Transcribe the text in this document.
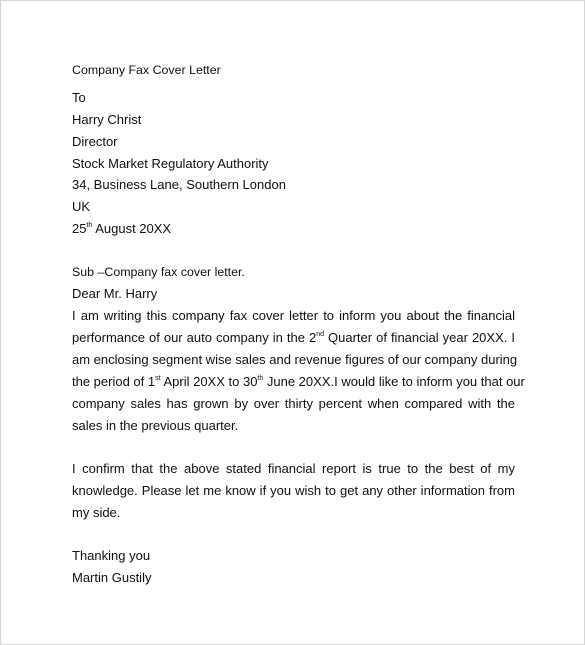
Company Fax Cover Letter
To
Harry Christ
Director
Stock Market Regulatory Authority
34, Business Lane, Southern London
UK
25th August 20XX
Sub –Company fax cover letter.
Dear Mr. Harry
I am writing this company fax cover letter to inform you about the financial
performance of our auto company in the 2nd Quarter of financial year 20XX. I
am enclosing segment wise sales and revenue figures of our company during
the period of 1st April 20XX to 30th June 20XX.I would like to inform you that our
company sales has grown by over thirty percent when compared with the
sales in the previous quarter.
I confirm that the above stated financial report is true to the best of my
knowledge. Please let me know if you wish to get any other information from
my side.
Thanking you
Martin Gustily
